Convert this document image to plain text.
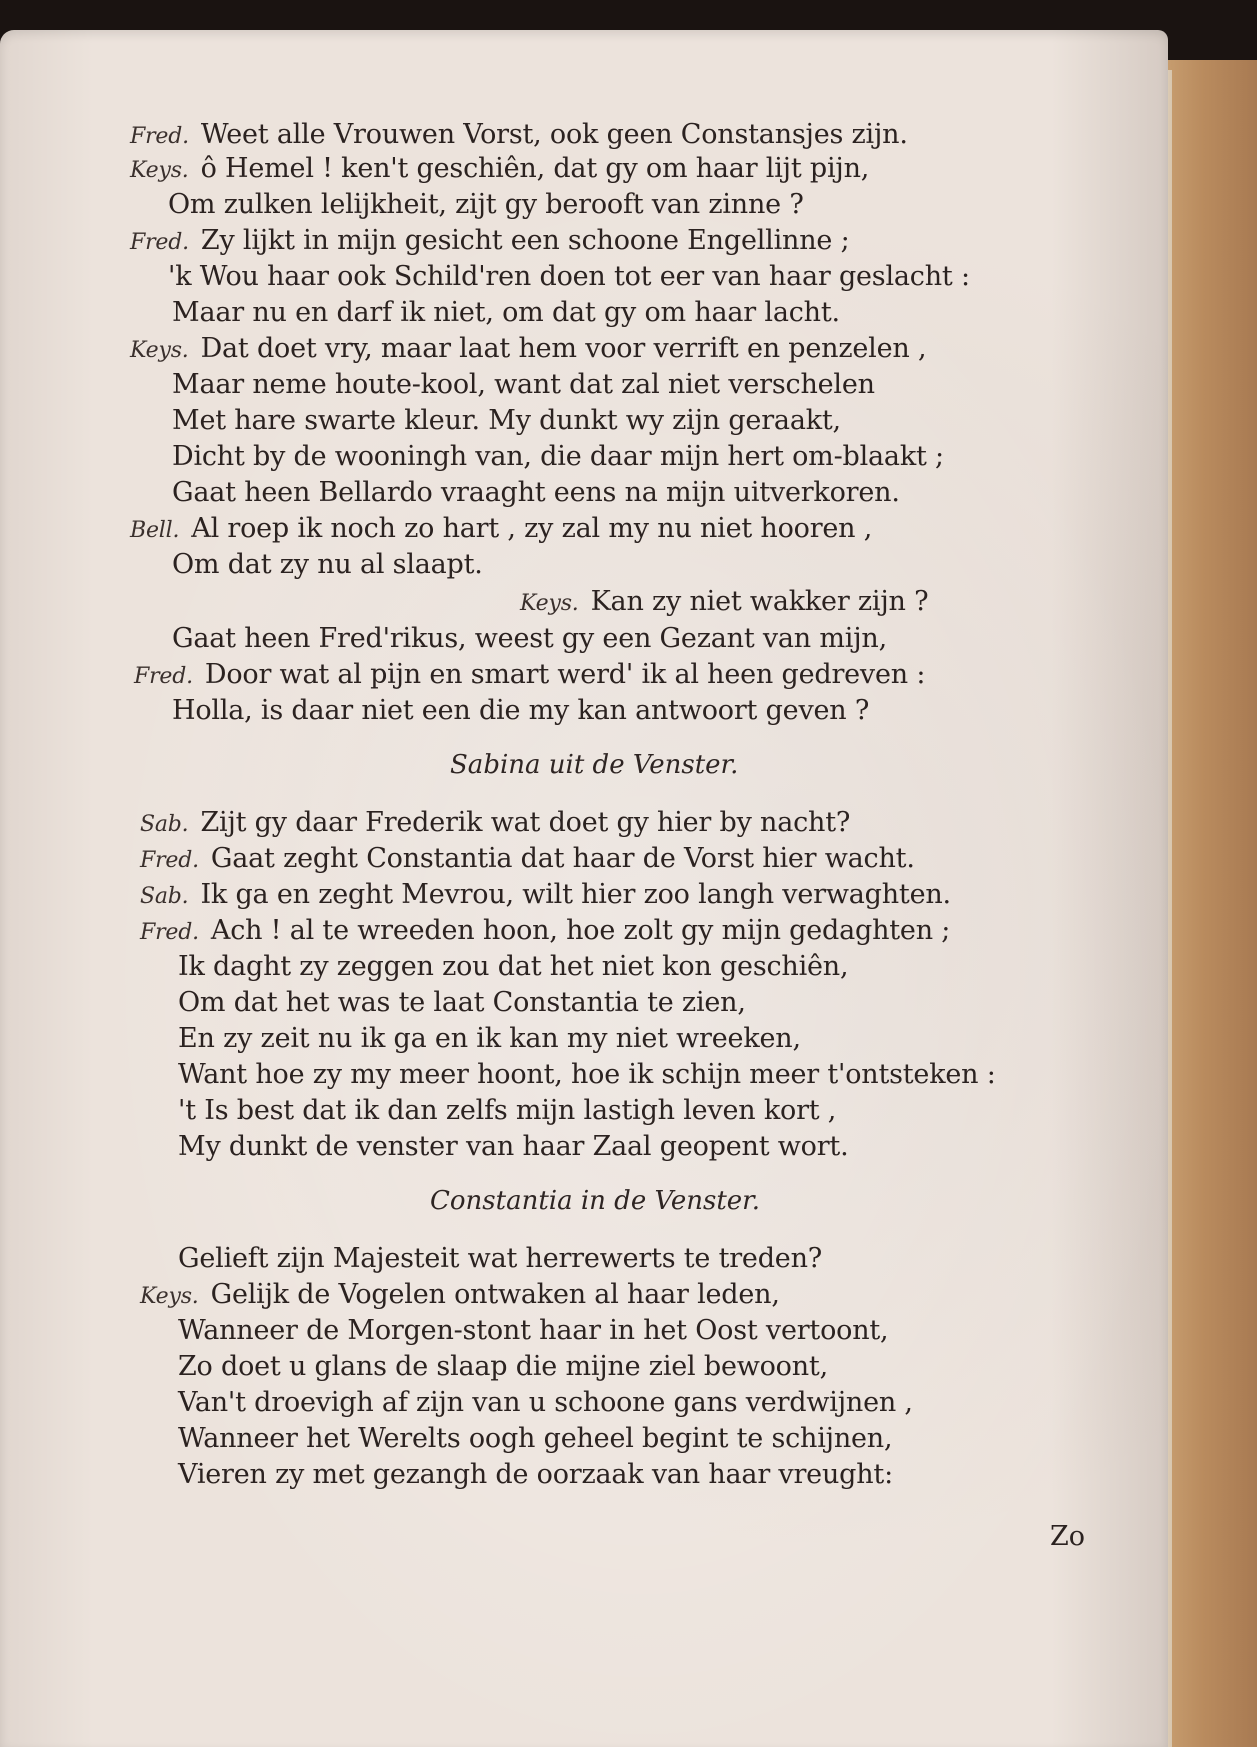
Fred. Weet alle Vrouwen Vorst, ook geen Constansjes zijn.
Keys. ô Hemel ! ken't geschiên, dat gy om haar lijt pijn,
Om zulken lelijkheit, zijt gy berooft van zinne ?
Fred. Zy lijkt in mijn gesicht een schoone Engellinne ;
'k Wou haar ook Schild'ren doen tot eer van haar geslacht :
Maar nu en darf ik niet, om dat gy om haar lacht.
Keys. Dat doet vry, maar laat hem voor verrift en penzelen ,
Maar neme houte-kool, want dat zal niet verschelen
Met hare swarte kleur. My dunkt wy zijn geraakt,
Dicht by de wooningh van, die daar mijn hert om-blaakt ;
Gaat heen Bellardo vraaght eens na mijn uitverkoren.
Bell. Al roep ik noch zo hart , zy zal my nu niet hooren ,
Om dat zy nu al slaapt.
Keys. Kan zy niet wakker zijn ?
Gaat heen Fred'rikus, weest gy een Gezant van mijn,
Fred. Door wat al pijn en smart werd' ik al heen gedreven :
Holla, is daar niet een die my kan antwoort geven ?
Sabina uit de Venster.
Sab. Zijt gy daar Frederik wat doet gy hier by nacht?
Fred. Gaat zeght Constantia dat haar de Vorst hier wacht.
Sab. Ik ga en zeght Mevrou, wilt hier zoo langh verwaghten.
Fred. Ach ! al te wreeden hoon, hoe zolt gy mijn gedaghten ;
Ik daght zy zeggen zou dat het niet kon geschiên,
Om dat het was te laat Constantia te zien,
En zy zeit nu ik ga en ik kan my niet wreeken,
Want hoe zy my meer hoont, hoe ik schijn meer t'ontsteken :
't Is best dat ik dan zelfs mijn lastigh leven kort ,
My dunkt de venster van haar Zaal geopent wort.
Constantia in de Venster.
Gelieft zijn Majesteit wat herrewerts te treden?
Keys. Gelijk de Vogelen ontwaken al haar leden,
Wanneer de Morgen-stont haar in het Oost vertoont,
Zo doet u glans de slaap die mijne ziel bewoont,
Van't droevigh af zijn van u schoone gans verdwijnen ,
Wanneer het Werelts oogh geheel begint te schijnen,
Vieren zy met gezangh de oorzaak van haar vreught:
Zo
